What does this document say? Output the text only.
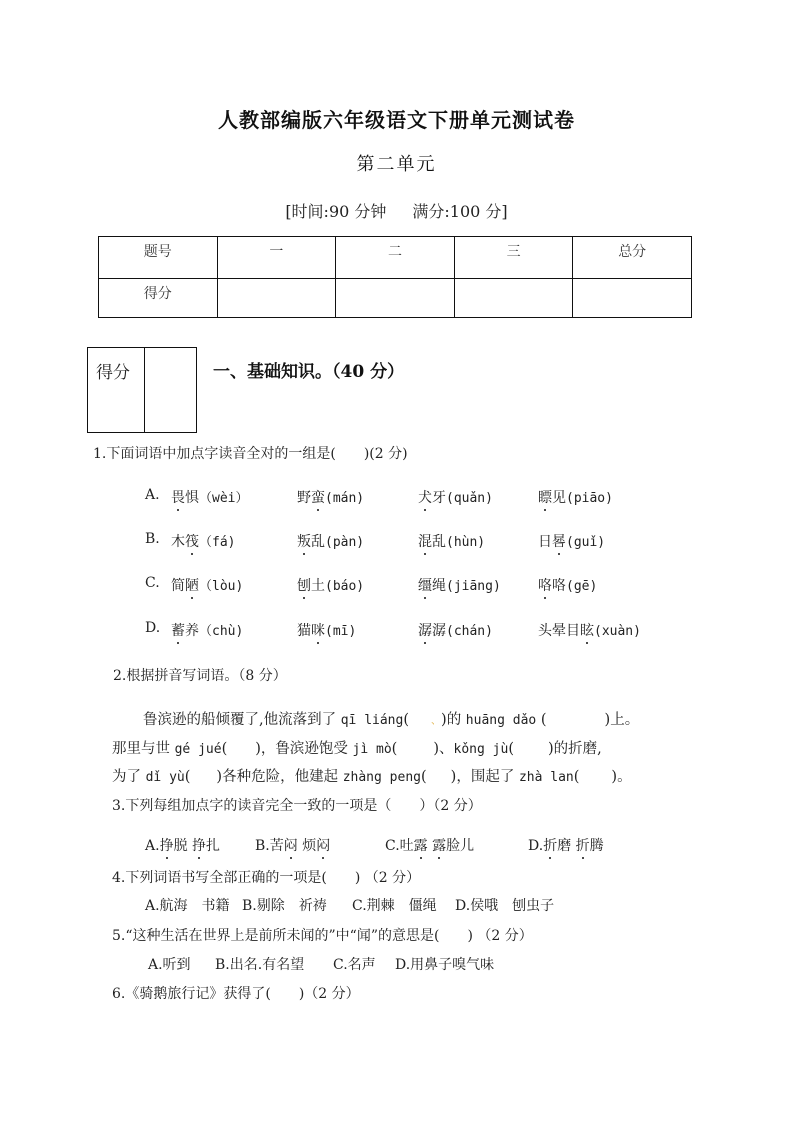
人教部编版六年级语文下册单元测试卷
第二单元
[时间:90 分钟 满分:100 分]
题号	一	二	三	总分
得分				
得分	一、基础知识。（40 分）
1.下面词语中加点字读音全对的一组是(　　)(2 分)
A. 畏惧（wèi）	野蛮(mán)	犬牙(quǎn)	瞟见(piāo)
B. 木筏（fá)	叛乱(pàn)	混乱(hùn)	日晷(guǐ)
C. 简陋（lòu)	刨土(báo)	缰绳(jiāng)	咯咯(gē)
D. 蓄养（chù)	猫咪(mī)	潺潺(chán)	头晕目眩(xuàn)
2.根据拼音写词语。（8 分）
鲁滨逊的船倾覆了,他流落到了 qī liáng( 、)的 huāng dǎo (	)上。
那里与世 gé jué( )，鲁滨逊饱受 jì mò( )、kǒng jù( )的折磨,
为了 dǐ yù( )各种危险，他建起 zhàng peng( )，围起了 zhà lan( )。
3.下列每组加点字的读音完全一致的一项是（　　）（2 分）
A.挣脱 挣扎 B.苦闷 烦闷	C.吐露 露脸儿	D.折磨 折腾
4.下列词语书写全部正确的一项是(　　) （2 分）
A.航海　书籍 B.剔除　祈祷 C.荆棘　僵绳 D.侯哦　刨虫子
5.“这种生活在世界上是前所未闻的”中“闻”的意思是(　　) （2 分）
A.听到 B.出名.有名望 C.名声 D.用鼻子嗅气味
6.《骑鹅旅行记》获得了(　　)（2 分）
